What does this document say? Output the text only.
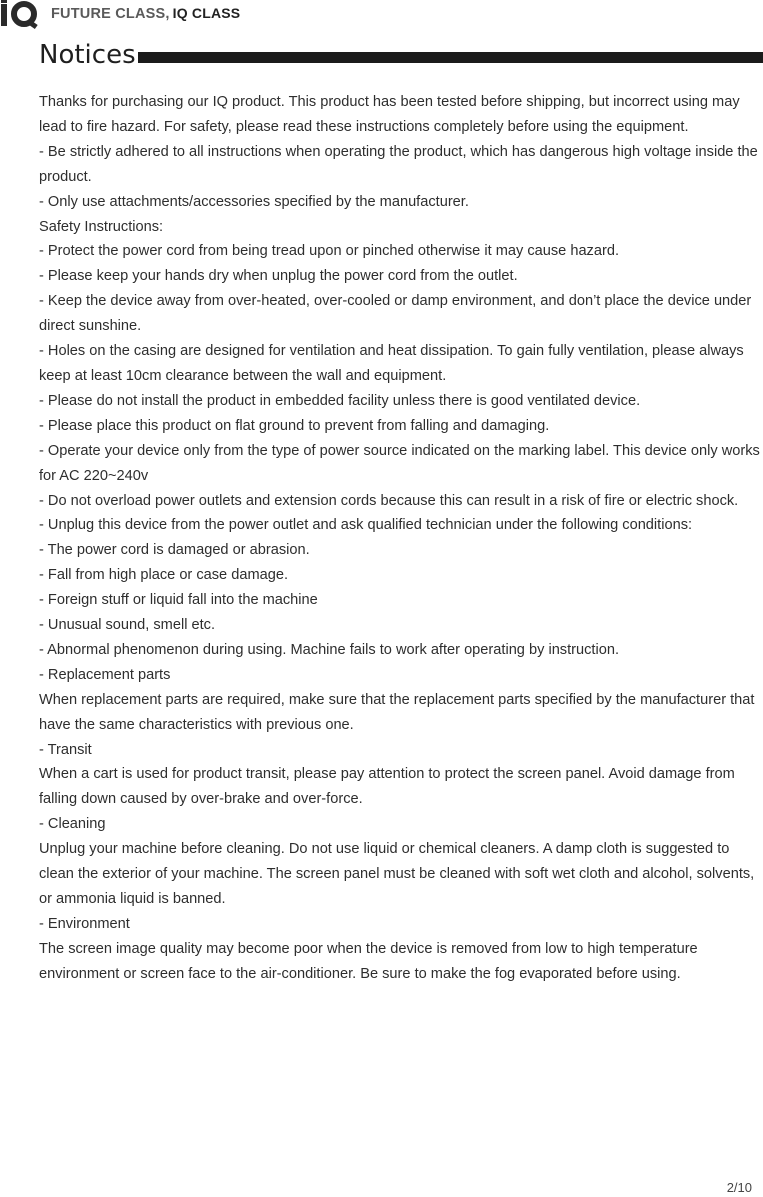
FUTURE CLASS, IQ CLASS
Notices

Thanks for purchasing our IQ product. This product has been tested before shipping, but incorrect using may lead to fire hazard. For safety, please read these instructions completely before using the equipment.

- Be strictly adhered to all instructions when operating the product, which has dangerous high voltage inside the product.

- Only use attachments/accessories specified by the manufacturer.

Safety Instructions:

- Protect the power cord from being tread upon or pinched otherwise it may cause hazard.

- Please keep your hands dry when unplug the power cord from the outlet.

- Keep the device away from over-heated, over-cooled or damp environment, and don’t place the device under direct sunshine.

- Holes on the casing are designed for ventilation and heat dissipation. To gain fully ventilation, please always keep at least 10cm clearance between the wall and equipment.

- Please do not install the product in embedded facility unless there is good ventilated device.

- Please place this product on flat ground to prevent from falling and damaging.

- Operate your device only from the type of power source indicated on the marking label. This device only works for AC 220~240v

- Do not overload power outlets and extension cords because this can result in a risk of fire or electric shock.

- Unplug this device from the power outlet and ask qualified technician under the following conditions:

- The power cord is damaged or abrasion.

- Fall from high place or case damage.

- Foreign stuff or liquid fall into the machine

- Unusual sound, smell etc.

- Abnormal phenomenon during using. Machine fails to work after operating by instruction.

- Replacement parts

When replacement parts are required, make sure that the replacement parts specified by the manufacturer that have the same characteristics with previous one.

- Transit

When a cart is used for product transit, please pay attention to protect the screen panel. Avoid damage from falling down caused by over-brake and over-force.

- Cleaning

Unplug your machine before cleaning. Do not use liquid or chemical cleaners. A damp cloth is suggested to clean the exterior of your machine. The screen panel must be cleaned with soft wet cloth and alcohol, solvents, or ammonia liquid is banned.

- Environment

The screen image quality may become poor when the device is removed from low to high temperature environment or screen face to the air-conditioner. Be sure to make the fog evaporated before using.

2/10
